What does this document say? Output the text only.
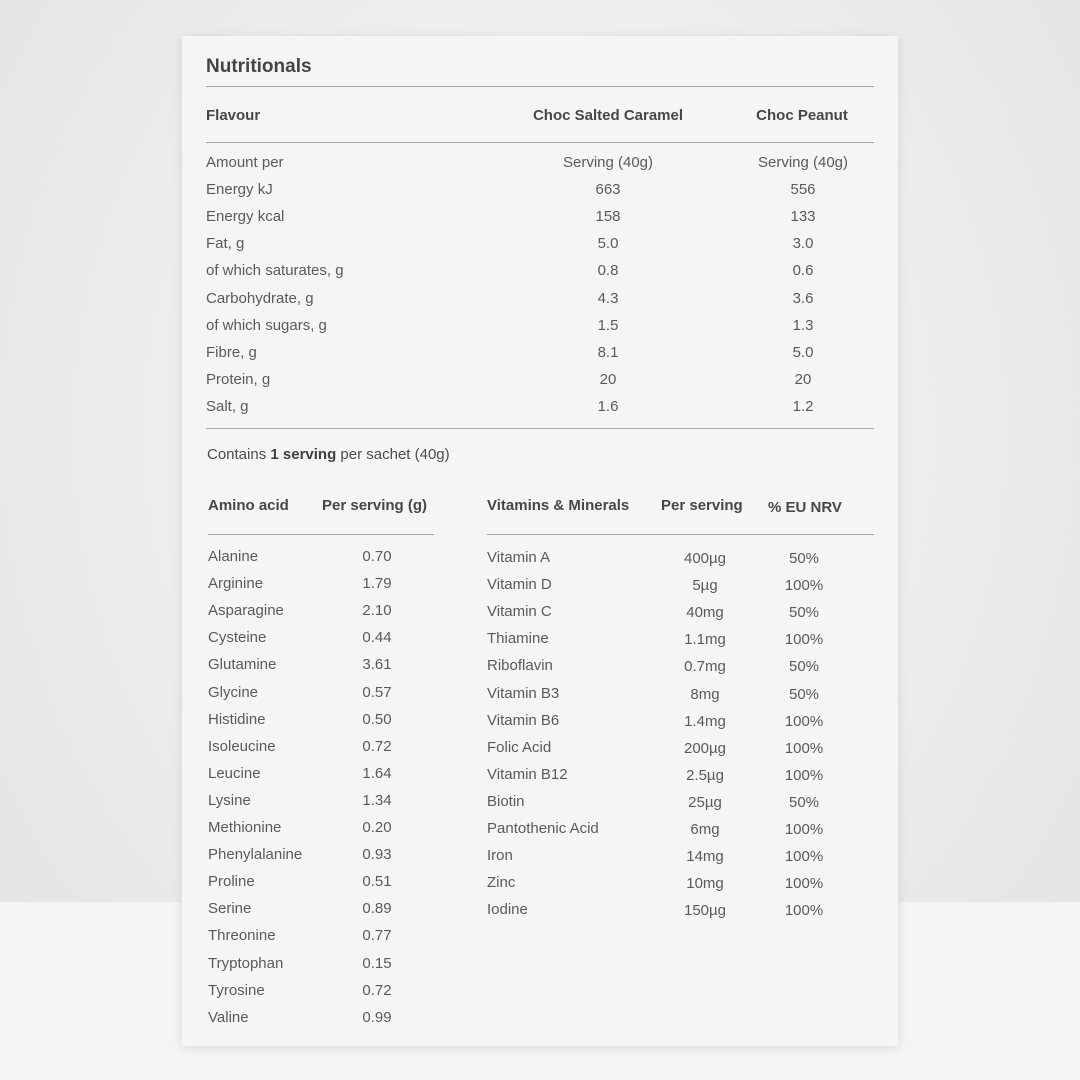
Nutritionals
Flavour	Choc Salted Caramel	Choc Peanut
Amount per	Serving (40g)	Serving (40g)
Energy kJ	663	556
Energy kcal	158	133
Fat, g	5.0	3.0
of which saturates, g	0.8	0.6
Carbohydrate, g	4.3	3.6
of which sugars, g	1.5	1.3
Fibre, g	8.1	5.0
Protein, g	20	20
Salt, g	1.6	1.2
Contains 1 serving per sachet (40g)
Amino acid Per serving (g)
Alanine	0.70
Arginine	1.79
Asparagine	2.10
Cysteine	0.44
Glutamine	3.61
Glycine	0.57
Histidine	0.50
Isoleucine	0.72
Leucine	1.64
Lysine	1.34
Methionine	0.20
Phenylalanine	0.93
Proline	0.51
Serine	0.89
Threonine	0.77
Tryptophan	0.15
Tyrosine	0.72
Valine	0.99
Vitamins & Minerals Per serving % EU NRV
Vitamin A	400µg	50%
Vitamin D	5µg	100%
Vitamin C	40mg	50%
Thiamine	1.1mg	100%
Riboflavin	0.7mg	50%
Vitamin B3	8mg	50%
Vitamin B6	1.4mg	100%
Folic Acid	200µg	100%
Vitamin B12	2.5µg	100%
Biotin	25µg	50%
Pantothenic Acid	6mg	100%
Iron	14mg	100%
Zinc	10mg	100%
Iodine	150µg	100%
